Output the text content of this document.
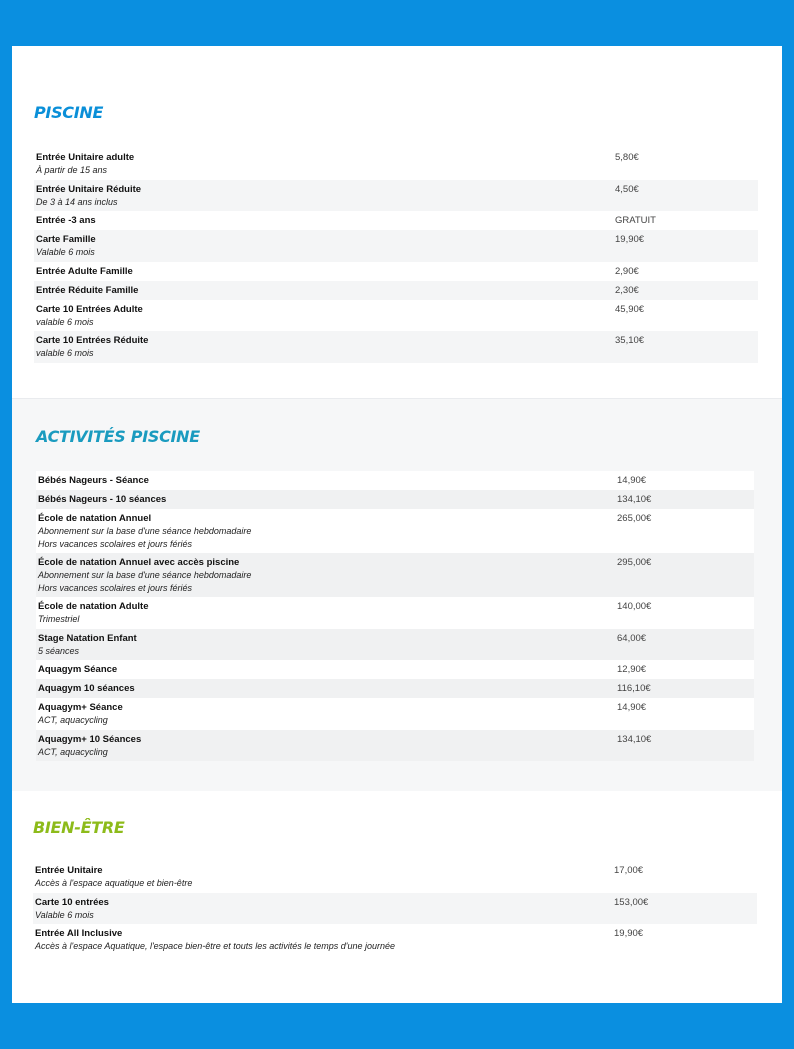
PISCINE
Entrée Unitaire adulte
À partir de 15 ans	5,80€

Entrée Unitaire Réduite
De 3 à 14 ans inclus	4,50€

Entrée -3 ans	GRATUIT

Carte Famille
Valable 6 mois	19,90€

Entrée Adulte Famille	2,90€

Entrée Réduite Famille	2,30€

Carte 10 Entrées Adulte
valable 6 mois	45,90€

Carte 10 Entrées Réduite
valable 6 mois	35,10€
ACTIVITÉS PISCINE
Bébés Nageurs - Séance	14,90€

Bébés Nageurs - 10 séances	134,10€

École de natation Annuel
Abonnement sur la base d'une séance hebdomadaire
Hors vacances scolaires et jours fériés	265,00€

École de natation Annuel avec accès piscine
Abonnement sur la base d'une séance hebdomadaire
Hors vacances scolaires et jours fériés	295,00€

École de natation Adulte
Trimestriel	140,00€

Stage Natation Enfant
5 séances	64,00€

Aquagym Séance	12,90€

Aquagym 10 séances	116,10€

Aquagym+ Séance
ACT, aquacycling	14,90€

Aquagym+ 10 Séances
ACT, aquacycling	134,10€
BIEN-ÊTRE
Entrée Unitaire
Accès à l'espace aquatique et bien-être	17,00€

Carte 10 entrées
Valable 6 mois	153,00€

Entrée All Inclusive
Accès à l'espace Aquatique, l'espace bien-être et touts les activités le temps d'une journée	19,90€
